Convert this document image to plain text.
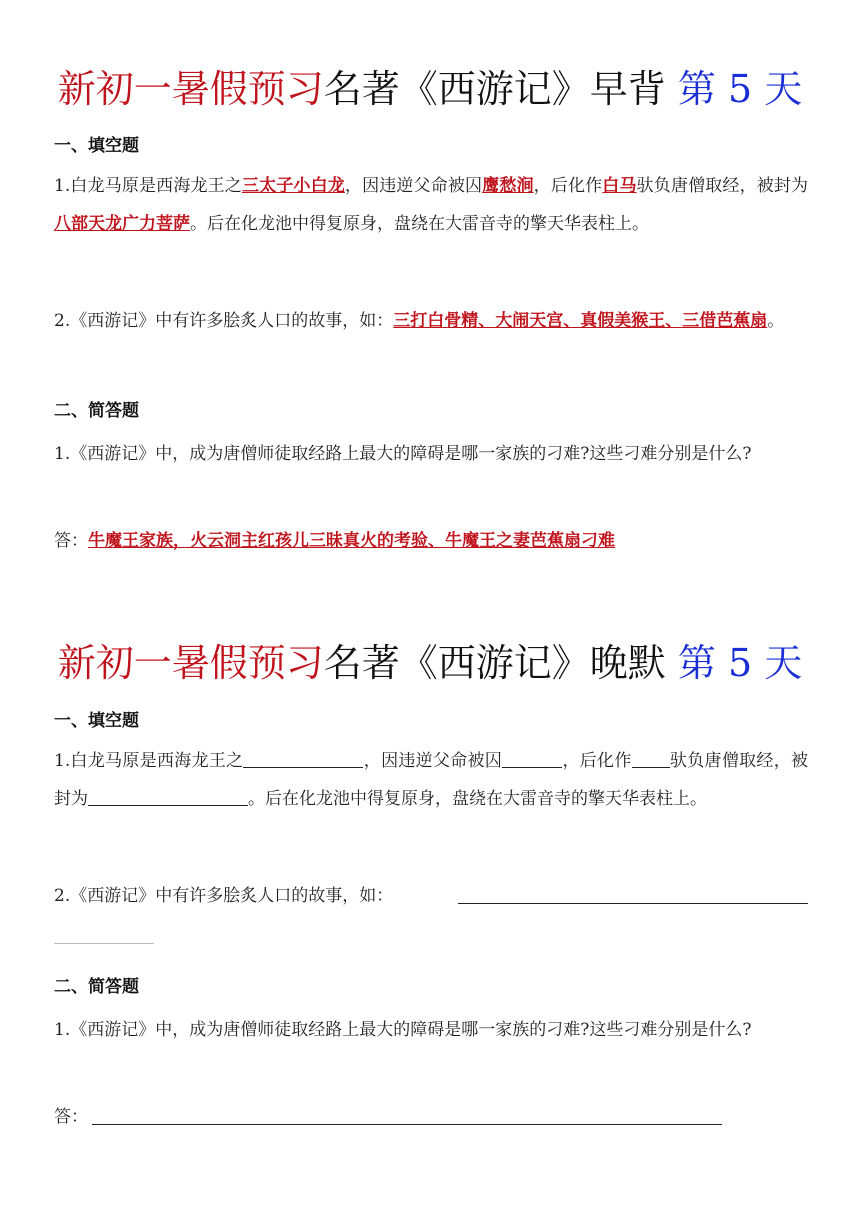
新初一暑假预习名著《西游记》早背 第 5 天
一、填空题
1.白龙马原是西海龙王之三太子小白龙，因违逆父命被囚鹰愁涧，后化作白马驮负唐僧取经，被封为八部天龙广力菩萨。后在化龙池中得复原身，盘绕在大雷音寺的擎天华表柱上。
2.《西游记》中有许多脍炙人口的故事，如：三打白骨精、大闹天宫、真假美猴王、三借芭蕉扇。
二、简答题
1.《西游记》中，成为唐僧师徒取经路上最大的障碍是哪一家族的刁难?这些刁难分别是什么?
答：牛魔王家族，火云洞主红孩儿三昧真火的考验、牛魔王之妻芭蕉扇刁难
新初一暑假预习名著《西游记》晚默 第 5 天
一、填空题
1.白龙马原是西海龙王之	，因违逆父命被囚	，后化作 驮负唐僧取经，被封为	。后在化龙池中得复原身，盘绕在大雷音寺的擎天华表柱上。
2.《西游记》中有许多脍炙人口的故事，如：
二、简答题
1.《西游记》中，成为唐僧师徒取经路上最大的障碍是哪一家族的刁难?这些刁难分别是什么?
答：
